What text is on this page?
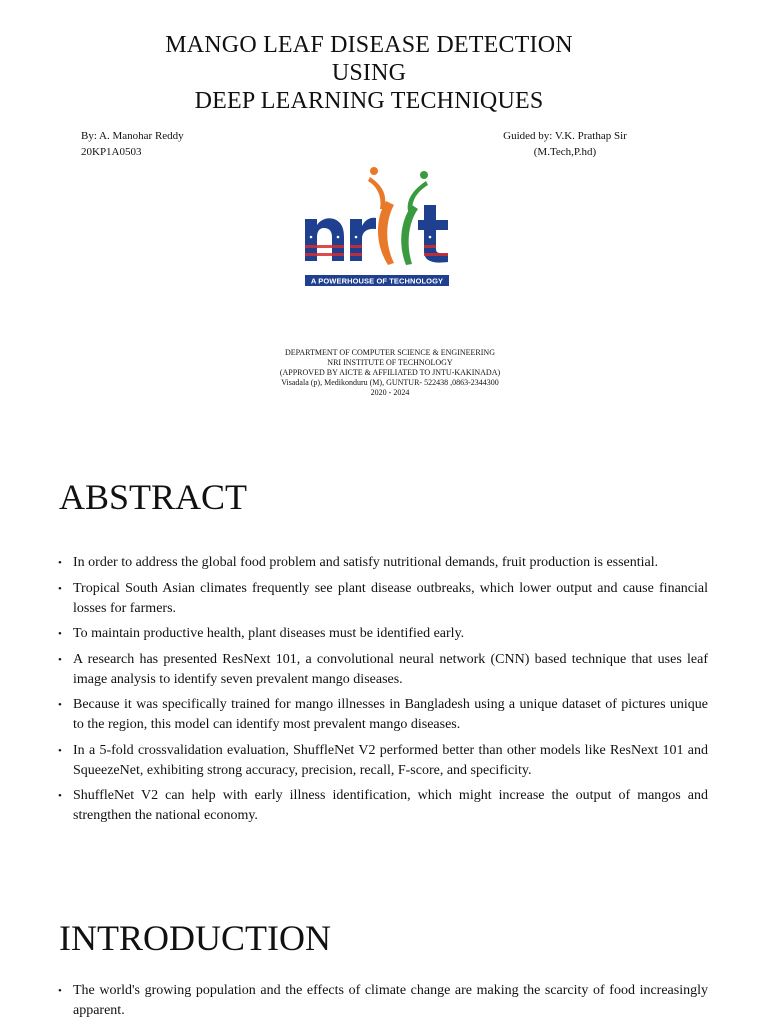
MANGO LEAF DISEASE DETECTION
USING
DEEP LEARNING TECHNIQUES
By: A. Manohar Reddy
20KP1A0503
Guided by: V.K. Prathap Sir
(M.Tech,P.hd)
A POWERHOUSE OF TECHNOLOGY
DEPARTMENT OF COMPUTER SCIENCE & ENGINEERING
NRI INSTITUTE OF TECHNOLOGY
(APPROVED BY AICTE & AFFILIATED TO JNTU-KAKINADA)
Visadala (p), Medikonduru (M), GUNTUR- 522438 ,0863-2344300
2020 - 2024
ABSTRACT
• In order to address the global food problem and satisfy nutritional demands, fruit production is essential.
• Tropical South Asian climates frequently see plant disease outbreaks, which lower output and cause financial losses for farmers.
• To maintain productive health, plant diseases must be identified early.
• A research has presented ResNext 101, a convolutional neural network (CNN) based technique that uses leaf image analysis to identify seven prevalent mango diseases.
• Because it was specifically trained for mango illnesses in Bangladesh using a unique dataset of pictures unique to the region, this model can identify most prevalent mango diseases.
• In a 5-fold crossvalidation evaluation, ShuffleNet V2 performed better than other models like ResNext 101 and SqueezeNet, exhibiting strong accuracy, precision, recall, F-score, and specificity.
• ShuffleNet V2 can help with early illness identification, which might increase the output of mangos and strengthen the national economy.
INTRODUCTION
• The world's growing population and the effects of climate change are making the scarcity of food increasingly apparent.
